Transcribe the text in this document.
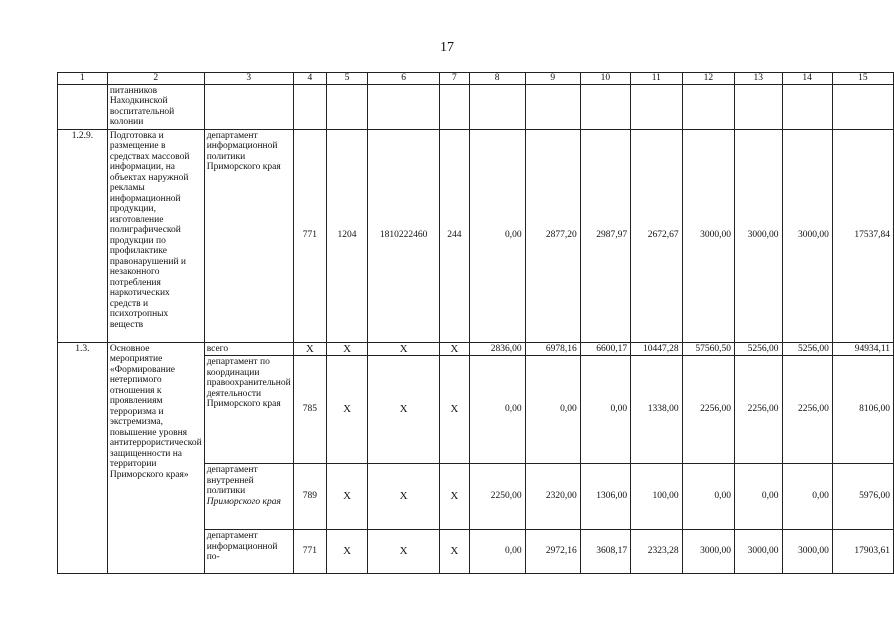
17
1	2	3	4	5	6	7	8	9	10	11	12	13	14	15
	питанников Находкинской воспитательной колонии													
1.2.9.	Подготовка и размещение в средствах массовой информации, на объектах наружной рекламы информационной продукции, изготовление полиграфической продукции по профилактике правонарушений и незаконного потребления наркотических средств и психотропных веществ	департамент информационной политики Приморского края	771	1204	1810222460	244	0,00	2877,20	2987,97	2672,67	3000,00	3000,00	3000,00	17537,84
1.3.	Основное мероприятие «Формирование нетерпимого отношения к проявлениям терроризма и экстремизма, повышение уровня антитеррористической защищенности на территории Приморского края»	всего	X	X	X	X	2836,00	6978,16	6600,17	10447,28	57560,50	5256,00	5256,00	94934,11
		департамент по координации правоохранительной деятельности Приморского края	785	X	X	X	0,00	0,00	0,00	1338,00	2256,00	2256,00	2256,00	8106,00
		департамент внутренней политики Приморского края	789	X	X	X	2250,00	2320,00	1306,00	100,00	0,00	0,00	0,00	5976,00
		департамент информационной по-	771	X	X	X	0,00	2972,16	3608,17	2323,28	3000,00	3000,00	3000,00	17903,61
